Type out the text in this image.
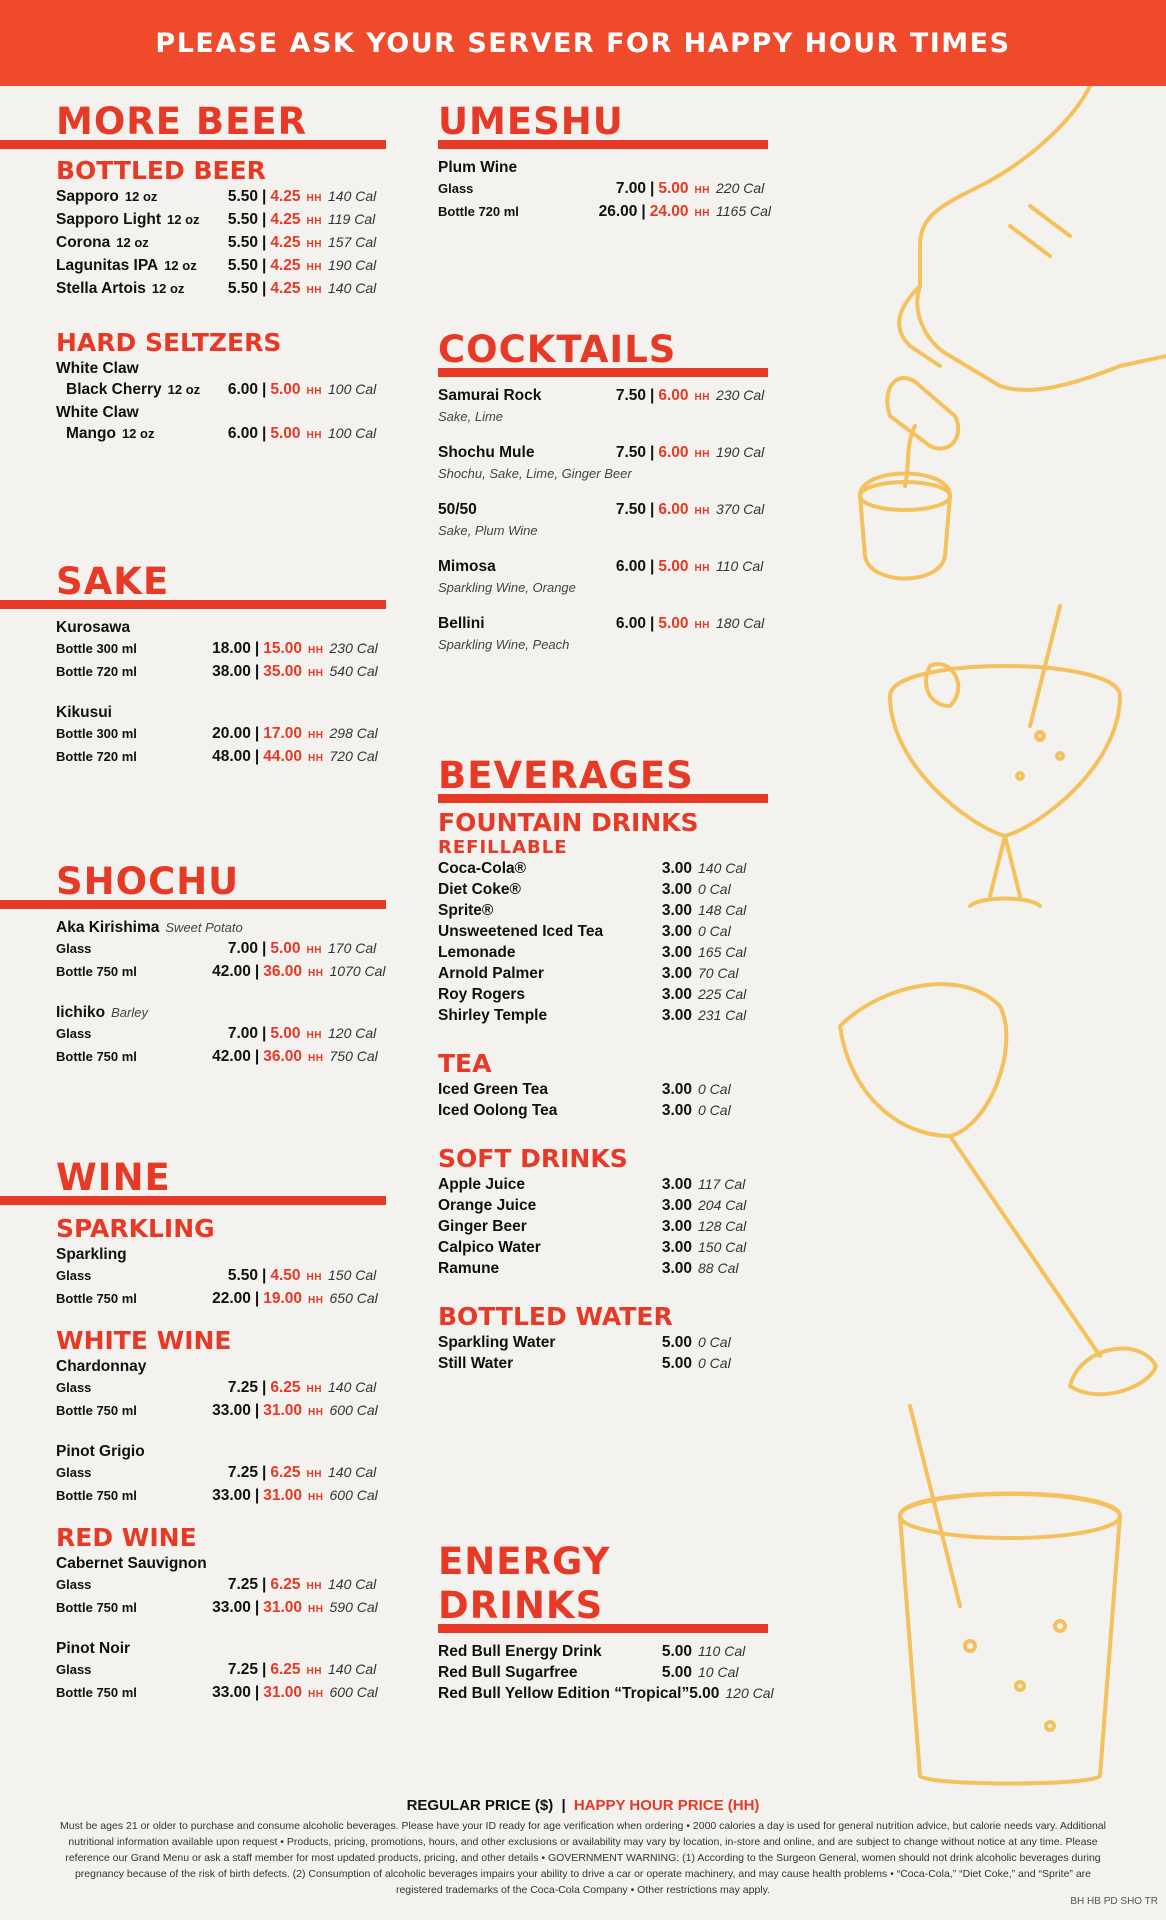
PLEASE ASK YOUR SERVER FOR HAPPY HOUR TIMES
MORE BEER
BOTTLED BEER
Sapporo 12 oz	5.50 | 4.25 HH 140 Cal
Sapporo Light 12 oz 5.50 | 4.25 HH 119 Cal
Corona 12 oz	5.50 | 4.25 HH 157 Cal
Lagunitas IPA 12 oz 5.50 | 4.25 HH 190 Cal
Stella Artois 12 oz	5.50 | 4.25 HH 140 Cal
HARD SELTZERS
White Claw
Black Cherry 12 oz 6.00 | 5.00 HH 100 Cal
White Claw
Mango 12 oz	6.00 | 5.00 HH 100 Cal
SAKE
Kurosawa
Bottle 300 ml	18.00 | 15.00 HH 230 Cal
Bottle 720 ml	38.00 | 35.00 HH 540 Cal
Kikusui
Bottle 300 ml	20.00 | 17.00 HH 298 Cal
Bottle 720 ml	48.00 | 44.00 HH 720 Cal
SHOCHU
Aka Kirishima Sweet Potato
Glass	7.00 | 5.00 HH 170 Cal
Bottle 750 ml	42.00 | 36.00 HH 1070 Cal
Iichiko Barley
Glass	7.00 | 5.00 HH 120 Cal
Bottle 750 ml	42.00 | 36.00 HH 750 Cal
WINE
SPARKLING
Sparkling
Glass	5.50 | 4.50 HH 150 Cal
Bottle 750 ml	22.00 | 19.00 HH 650 Cal
WHITE WINE
Chardonnay
Glass	7.25 | 6.25 HH 140 Cal
Bottle 750 ml	33.00 | 31.00 HH 600 Cal
Pinot Grigio
Glass	7.25 | 6.25 HH 140 Cal
Bottle 750 ml	33.00 | 31.00 HH 600 Cal
RED WINE
Cabernet Sauvignon
Glass	7.25 | 6.25 HH 140 Cal
Bottle 750 ml	33.00 | 31.00 HH 590 Cal
Pinot Noir
Glass	7.25 | 6.25 HH 140 Cal
Bottle 750 ml	33.00 | 31.00 HH 600 Cal
UMESHU
Plum Wine
Glass	7.00 | 5.00 HH 220 Cal
Bottle 720 ml	26.00 | 24.00 HH 1165 Cal
COCKTAILS
Samurai Rock	7.50 | 6.00 HH 230 Cal
Sake, Lime
Shochu Mule	7.50 | 6.00 HH 190 Cal
Shochu, Sake, Lime, Ginger Beer
50/50	7.50 | 6.00 HH 370 Cal
Sake, Plum Wine
Mimosa	6.00 | 5.00 HH 110 Cal
Sparkling Wine, Orange
Bellini	6.00 | 5.00 HH 180 Cal
Sparkling Wine, Peach
BEVERAGES
FOUNTAIN DRINKS
REFILLABLE
Coca-Cola®	3.00 140 Cal
Diet Coke®	3.00 0 Cal
Sprite®	3.00 148 Cal
Unsweetened Iced Tea	3.00 0 Cal
Lemonade	3.00 165 Cal
Arnold Palmer	3.00 70 Cal
Roy Rogers	3.00 225 Cal
Shirley Temple	3.00 231 Cal
TEA
Iced Green Tea	3.00 0 Cal
Iced Oolong Tea	3.00 0 Cal
SOFT DRINKS
Apple Juice	3.00 117 Cal
Orange Juice	3.00 204 Cal
Ginger Beer	3.00 128 Cal
Calpico Water	3.00 150 Cal
Ramune	3.00 88 Cal
BOTTLED WATER
Sparkling Water	5.00 0 Cal
Still Water	5.00 0 Cal
ENERGY DRINKS
Red Bull Energy Drink	5.00 110 Cal
Red Bull Sugarfree	5.00 10 Cal
Red Bull Yellow Edition “Tropical” 5.00 120 Cal
REGULAR PRICE ($) | HAPPY HOUR PRICE (HH)
Must be ages 21 or older to purchase and consume alcoholic beverages. Please have your ID ready for age verification when ordering • 2000 calories a day is used for general nutrition advice, but calorie needs vary. Additional nutritional information available upon request • Products, pricing, promotions, hours, and other exclusions or availability may vary by location, in-store and online, and are subject to change without notice at any time. Please reference our Grand Menu or ask a staff member for most updated products, pricing, and other details • GOVERNMENT WARNING: (1) According to the Surgeon General, women should not drink alcoholic beverages during pregnancy because of the risk of birth defects. (2) Consumption of alcoholic beverages impairs your ability to drive a car or operate machinery, and may cause health problems • “Coca-Cola,” “Diet Coke,” and “Sprite” are registered trademarks of the Coca-Cola Company • Other restrictions may apply.
BH HB PD SHO TR
